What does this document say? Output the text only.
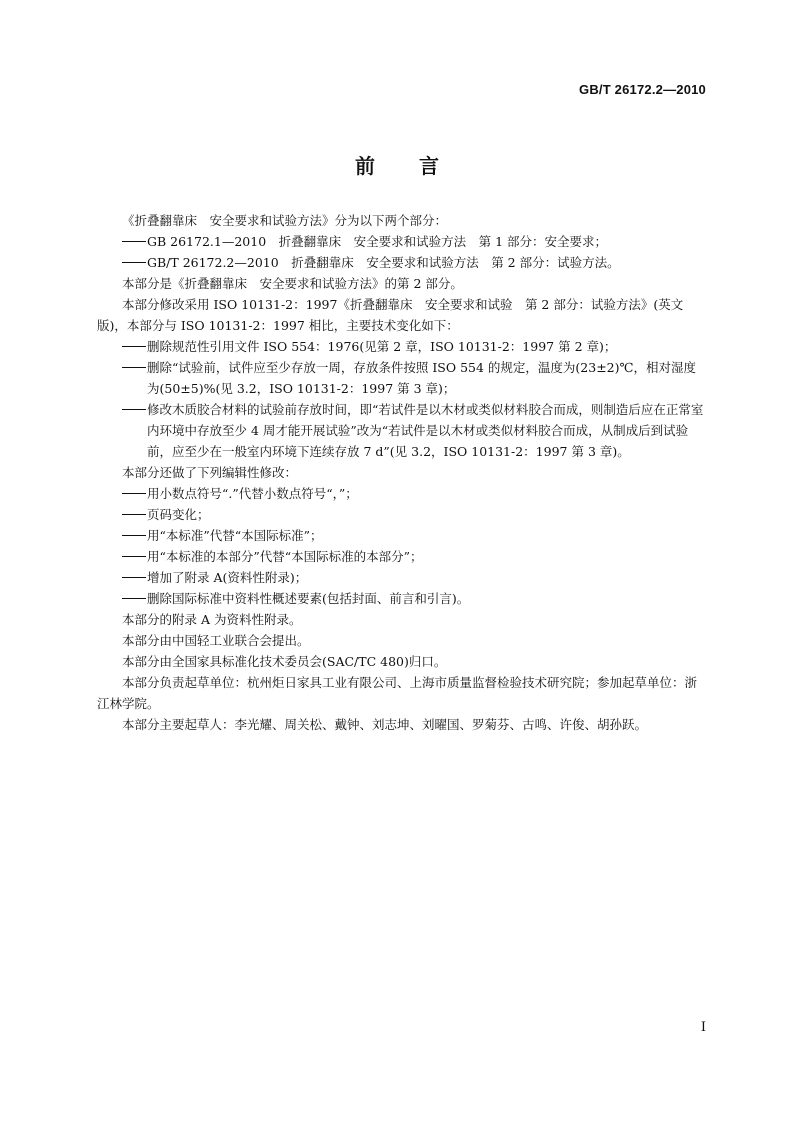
GB/T 26172.2—2010
前言

《折叠翻靠床　安全要求和试验方法》分为以下两个部分：

GB 26172.1—2010　折叠翻靠床　安全要求和试验方法　第 1 部分：安全要求；
GB/T 26172.2—2010　折叠翻靠床　安全要求和试验方法　第 2 部分：试验方法。

本部分是《折叠翻靠床　安全要求和试验方法》的第 2 部分。

本部分修改采用 ISO 10131-2：1997《折叠翻靠床　安全要求和试验　第 2 部分：试验方法》(英文版)，本部分与 ISO 10131-2：1997 相比，主要技术变化如下：

删除规范性引用文件 ISO 554：1976(见第 2 章，ISO 10131-2：1997 第 2 章)；
删除“试验前，试件应至少存放一周，存放条件按照 ISO 554 的规定，温度为(23±2)℃，相对湿度为(50±5)%(见 3.2，ISO 10131-2：1997 第 3 章)；
修改木质胶合材料的试验前存放时间，即“若试件是以木材或类似材料胶合而成，则制造后应在正常室内环境中存放至少 4 周才能开展试验”改为“若试件是以木材或类似材料胶合而成，从制成后到试验前，应至少在一般室内环境下连续存放 7 d”(见 3.2，ISO 10131-2：1997 第 3 章)。

本部分还做了下列编辑性修改：

用小数点符号“.”代替小数点符号“，”；
页码变化；
用“本标准”代替“本国际标准”；
用“本标准的本部分”代替“本国际标准的本部分”；
增加了附录 A(资料性附录)；
删除国际标准中资料性概述要素(包括封面、前言和引言)。

本部分的附录 A 为资料性附录。

本部分由中国轻工业联合会提出。

本部分由全国家具标准化技术委员会(SAC/TC 480)归口。

本部分负责起草单位：杭州炬日家具工业有限公司、上海市质量监督检验技术研究院；参加起草单位：浙江林学院。

本部分主要起草人：李光耀、周关松、戴钟、刘志坤、刘曜国、罗菊芬、古鸣、许俊、胡孙跃。

I
